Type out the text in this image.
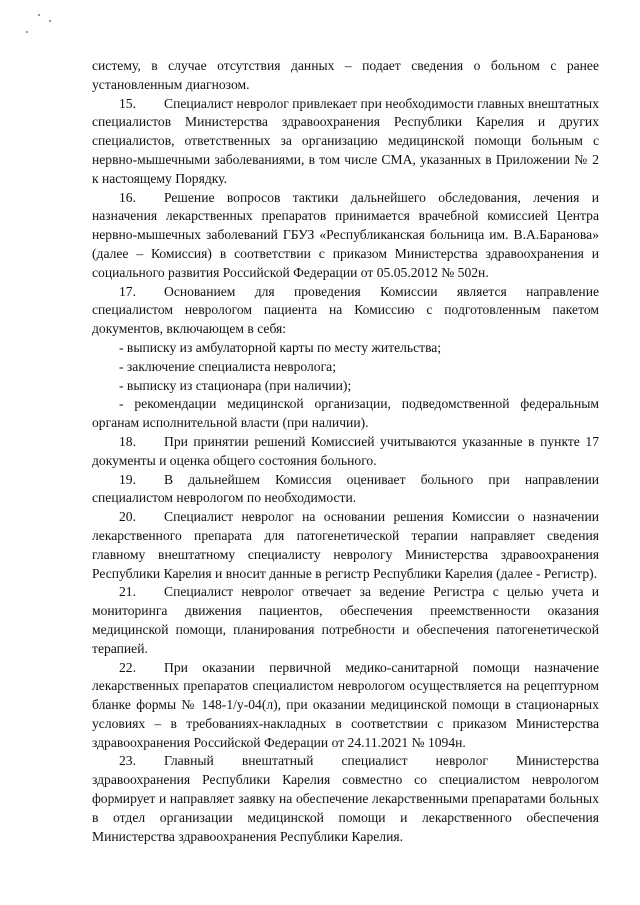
систему, в случае отсутствия данных – подает сведения о больном с ранее установленным диагнозом.

15. Специалист невролог привлекает при необходимости главных внештатных специалистов Министерства здравоохранения Республики Карелия и других специалистов, ответственных за организацию медицинской помощи больным с нервно-мышечными заболеваниями, в том числе СМА, указанных в Приложении № 2 к настоящему Порядку.

16. Решение вопросов тактики дальнейшего обследования, лечения и назначения лекарственных препаратов принимается врачебной комиссией Центра нервно-мышечных заболеваний ГБУЗ «Республиканская больница им. В.А.Баранова» (далее – Комиссия) в соответствии с приказом Министерства здравоохранения и социального развития Российской Федерации от 05.05.2012 № 502н.

17. Основанием для проведения Комиссии является направление специалистом неврологом пациента на Комиссию с подготовленным пакетом документов, включающем в себя:

- выписку из амбулаторной карты по месту жительства;

- заключение специалиста невролога;

- выписку из стационара (при наличии);

- рекомендации медицинской организации, подведомственной федеральным органам исполнительной власти (при наличии).

18. При принятии решений Комиссией учитываются указанные в пункте 17 документы и оценка общего состояния больного.

19. В дальнейшем Комиссия оценивает больного при направлении специалистом неврологом по необходимости.

20. Специалист невролог на основании решения Комиссии о назначении лекарственного препарата для патогенетической терапии направляет сведения главному внештатному специалисту неврологу Министерства здравоохранения Республики Карелия и вносит данные в регистр Республики Карелия (далее - Регистр).

21. Специалист невролог отвечает за ведение Регистра с целью учета и мониторинга движения пациентов, обеспечения преемственности оказания медицинской помощи, планирования потребности и обеспечения патогенетической терапией.

22. При оказании первичной медико-санитарной помощи назначение лекарственных препаратов специалистом неврологом осуществляется на рецептурном бланке формы № 148-1/у-04(л), при оказании медицинской помощи в стационарных условиях – в требованиях-накладных в соответствии с приказом Министерства здравоохранения Российской Федерации от 24.11.2021 № 1094н.

23. Главный внештатный специалист невролог Министерства здравоохранения Республики Карелия совместно со специалистом неврологом формирует и направляет заявку на обеспечение лекарственными препаратами больных в отдел организации медицинской помощи и лекарственного обеспечения Министерства здравоохранения Республики Карелия.
